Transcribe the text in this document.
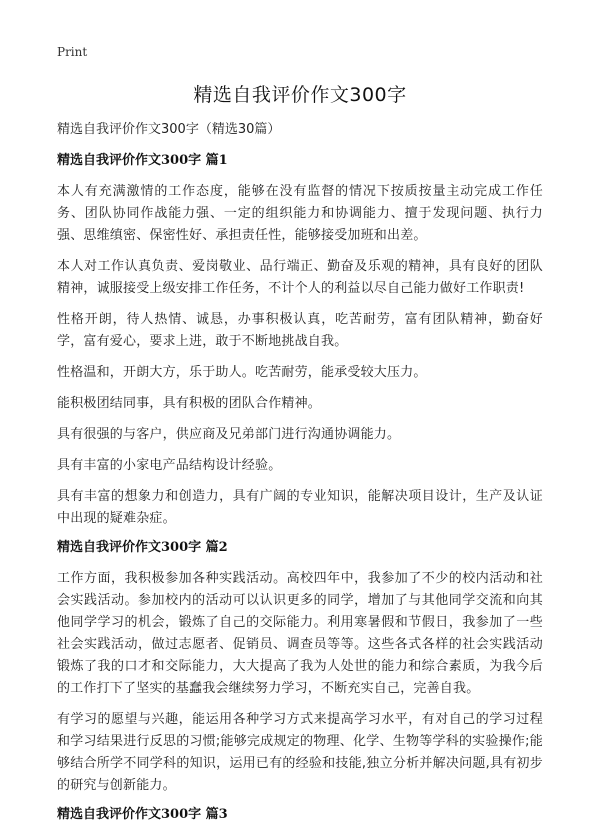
Print
精选自我评价作文300字
精选自我评价作文300字（精选30篇）
精选自我评价作文300字 篇1

本人有充满激情的工作态度，能够在没有监督的情况下按质按量主动完成工作任务、团队协同作战能力强、一定的组织能力和协调能力、擅于发现问题、执行力强、思维缜密、保密性好、承担责任性，能够接受加班和出差。

本人对工作认真负责、爱岗敬业、品行端正、勤奋及乐观的精神，具有良好的团队精神，诚服接受上级安排工作任务，不计个人的利益以尽自己能力做好工作职责!

性格开朗，待人热情、诚恳，办事积极认真，吃苦耐劳，富有团队精神，勤奋好学，富有爱心，要求上进，敢于不断地挑战自我。

性格温和，开朗大方，乐于助人。吃苦耐劳，能承受较大压力。

能积极团结同事，具有积极的团队合作精神。

具有很强的与客户，供应商及兄弟部门进行沟通协调能力。

具有丰富的小家电产品结构设计经验。

具有丰富的想象力和创造力，具有广阔的专业知识，能解决项目设计，生产及认证中出现的疑难杂症。

精选自我评价作文300字 篇2

工作方面，我积极参加各种实践活动。高校四年中，我参加了不少的校内活动和社会实践活动。参加校内的活动可以认识更多的同学，增加了与其他同学交流和向其他同学学习的机会，锻炼了自己的交际能力。利用寒暑假和节假日，我参加了一些社会实践活动，做过志愿者、促销员、调查员等等。这些各式各样的社会实践活动锻炼了我的口才和交际能力，大大提高了我为人处世的能力和综合素质，为我今后的工作打下了坚实的基蠢我会继续努力学习，不断充实自己，完善自我。

有学习的愿望与兴趣，能运用各种学习方式来提高学习水平，有对自己的学习过程和学习结果进行反思的习惯;能够完成规定的物理、化学、生物等学科的实验操作;能够结合所学不同学科的知识，运用已有的经验和技能,独立分析并解决问题,具有初步的研究与创新能力。

精选自我评价作文300字 篇3
